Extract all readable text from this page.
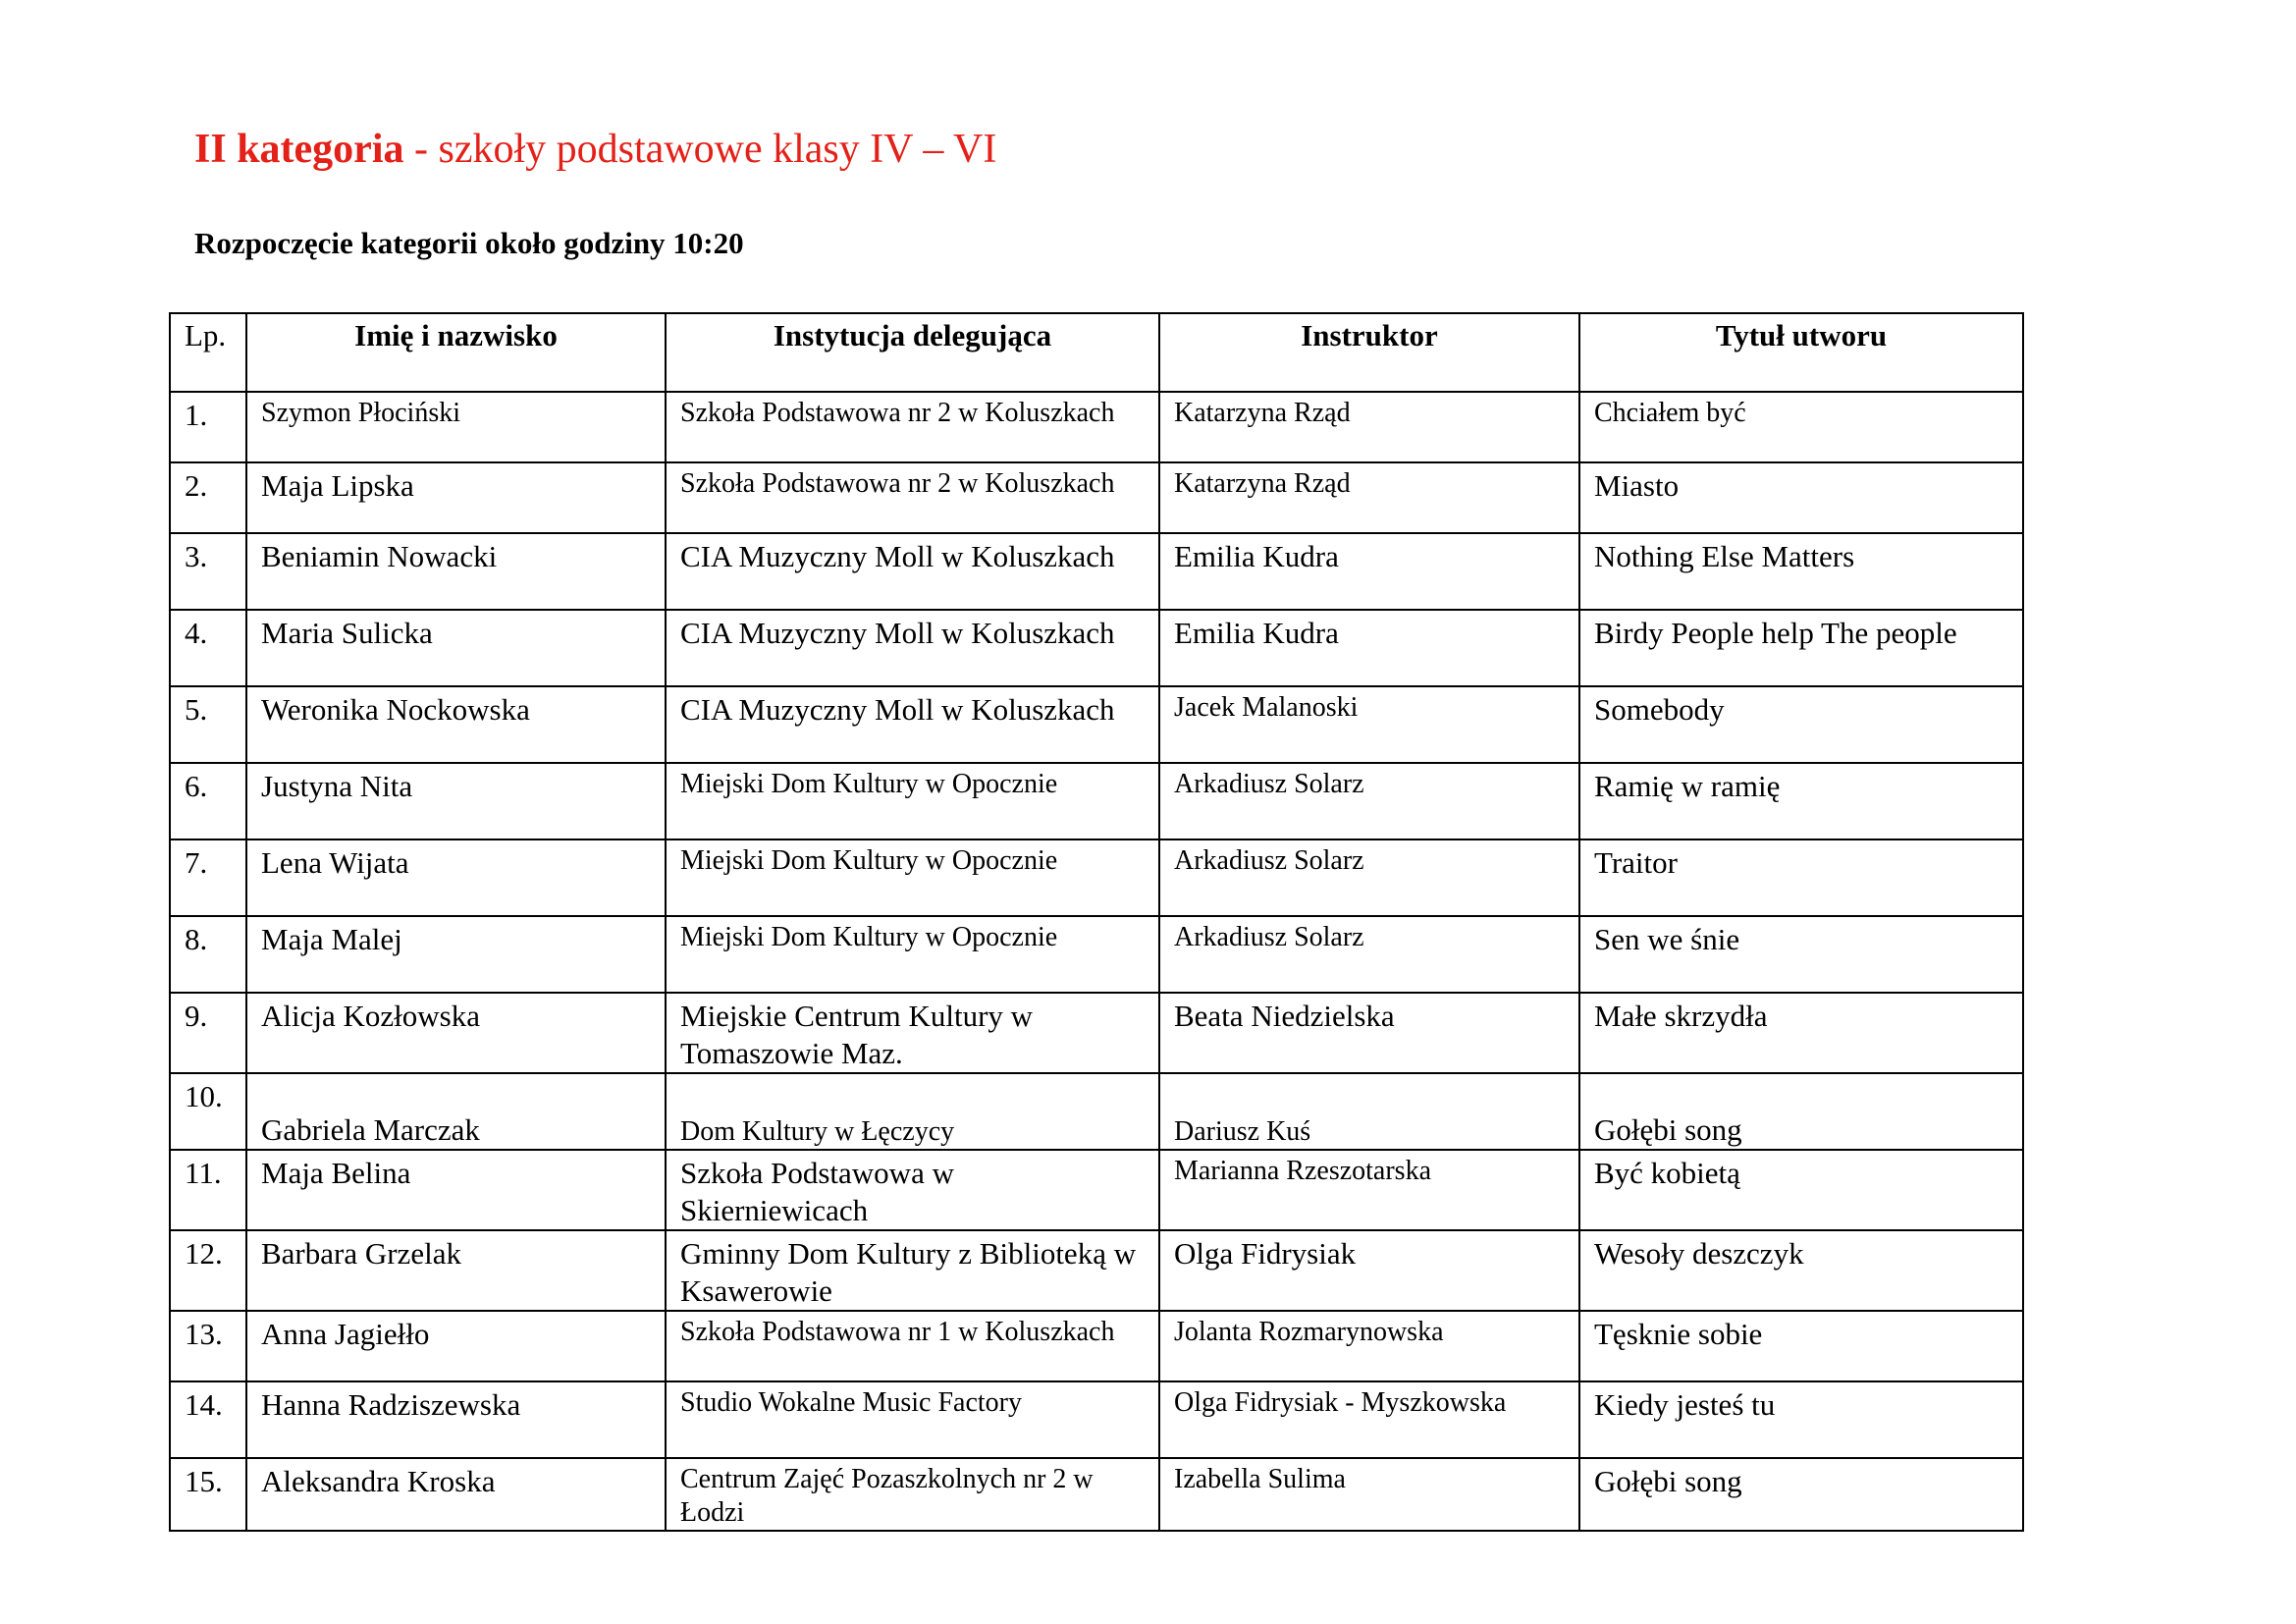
II kategoria - szkoły podstawowe klasy IV – VI
Rozpoczęcie kategorii około godziny 10:20
Lp.	Imię i nazwisko	Instytucja delegująca	Instruktor	Tytuł utworu
1.	Szymon Płociński	Szkoła Podstawowa nr 2 w Koluszkach	Katarzyna Rząd	Chciałem być
2.	Maja Lipska	Szkoła Podstawowa nr 2 w Koluszkach	Katarzyna Rząd	Miasto
3.	Beniamin Nowacki	CIA Muzyczny Moll w Koluszkach	Emilia Kudra	Nothing Else Matters
4.	Maria Sulicka	CIA Muzyczny Moll w Koluszkach	Emilia Kudra	Birdy People help The people
5.	Weronika Nockowska	CIA Muzyczny Moll w Koluszkach	Jacek Malanoski	Somebody
6.	Justyna Nita	Miejski Dom Kultury w Opocznie	Arkadiusz Solarz	Ramię w ramię
7.	Lena Wijata	Miejski Dom Kultury w Opocznie	Arkadiusz Solarz	Traitor
8.	Maja Malej	Miejski Dom Kultury w Opocznie	Arkadiusz Solarz	Sen we śnie
9.	Alicja Kozłowska	Miejskie Centrum Kultury w Tomaszowie Maz.	Beata Niedzielska	Małe skrzydła
10.	Gabriela Marczak	Dom Kultury w Łęczycy	Dariusz Kuś	Gołębi song
11.	Maja Belina	Szkoła Podstawowa w Skierniewicach	Marianna Rzeszotarska	Być kobietą
12.	Barbara Grzelak	Gminny Dom Kultury z Biblioteką w Ksawerowie	Olga Fidrysiak	Wesoły deszczyk
13.	Anna Jagiełło	Szkoła Podstawowa nr 1 w Koluszkach	Jolanta Rozmarynowska	Tęsknie sobie
14.	Hanna Radziszewska	Studio Wokalne Music Factory	Olga Fidrysiak - Myszkowska	Kiedy jesteś tu
15.	Aleksandra Kroska	Centrum Zajęć Pozaszkolnych nr 2 w Łodzi	Izabella Sulima	Gołębi song
